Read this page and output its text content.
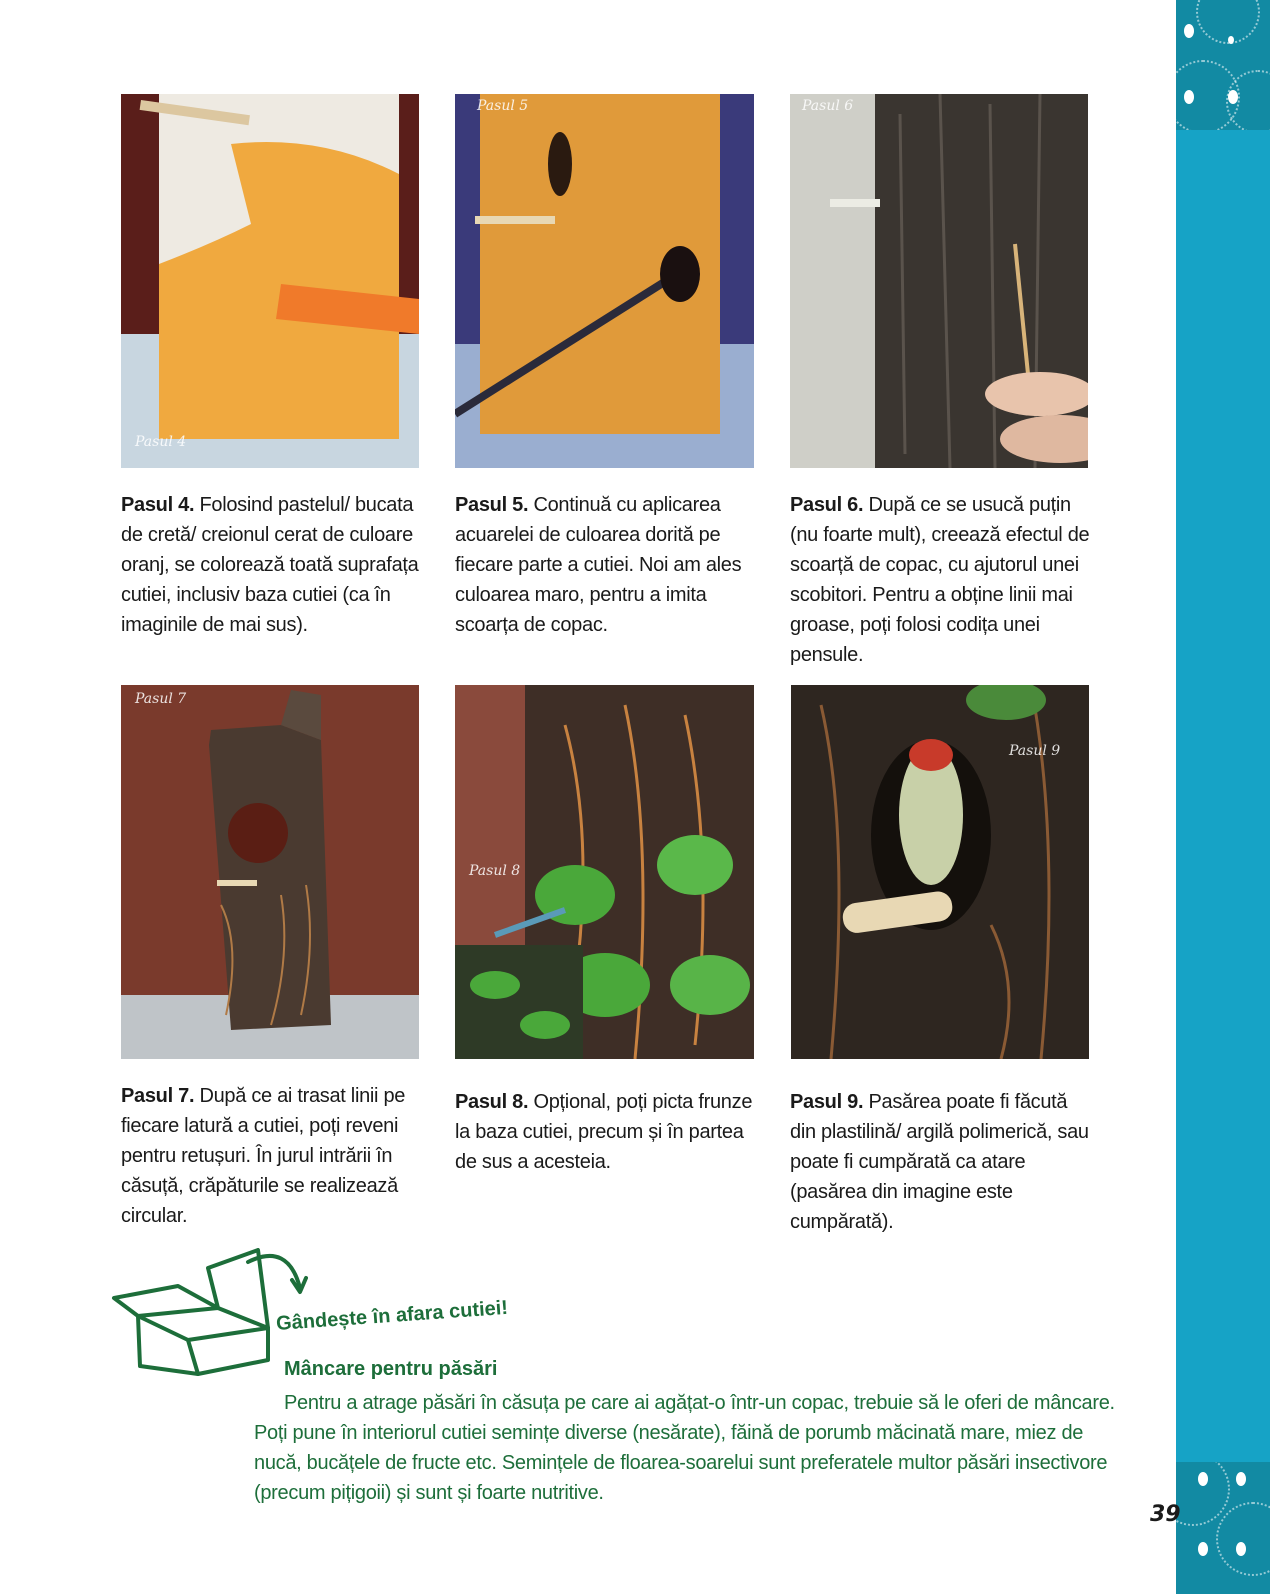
Pasul 4
Pasul 5	Pasul 6
Pasul 4. Folosind pastelul/ bucata de cretă/ creionul cerat de culoare oranj, se colorează toată suprafața cutiei, inclusiv baza cutiei (ca în imaginile de mai sus).
Pasul 5. Continuă cu aplicarea acuarelei de culoarea dorită pe fiecare parte a cutiei. Noi am ales culoarea maro, pentru a imita scoarța de copac.
Pasul 6. După ce se usucă puțin (nu foarte mult), creează efectul de scoarță de copac, cu ajutorul unei scobitori. Pentru a obține linii mai groase, poți folosi codița unei pensule.
Pasul 7
Pasul 8
Pasul 9
Pasul 7. După ce ai trasat linii pe fiecare latură a cutiei, poți reveni pentru retușuri. În jurul intrării în căsuță, crăpăturile se realizează circular.
Pasul 8. Opțional, poți picta frunze la baza cutiei, precum și în partea de sus a acesteia.
Pasul 9. Pasărea poate fi făcută din plastilină/ argilă polimerică, sau poate fi cumpărată ca atare (pasărea din imagine este cumpărată).
Gândește în afara cutiei!
Mâncare pentru păsări
Pentru a atrage păsări în căsuța pe care ai agățat-o într-un copac, trebuie să le oferi de mâncare. Poți pune în interiorul cutiei semințe diverse (nesărate), făină de porumb măcinată mare, miez de nucă, bucățele de fructe etc. Semințele de floarea-soarelui sunt preferatele multor păsări insectivore (precum pițigoii) și sunt și foarte nutritive.
39
